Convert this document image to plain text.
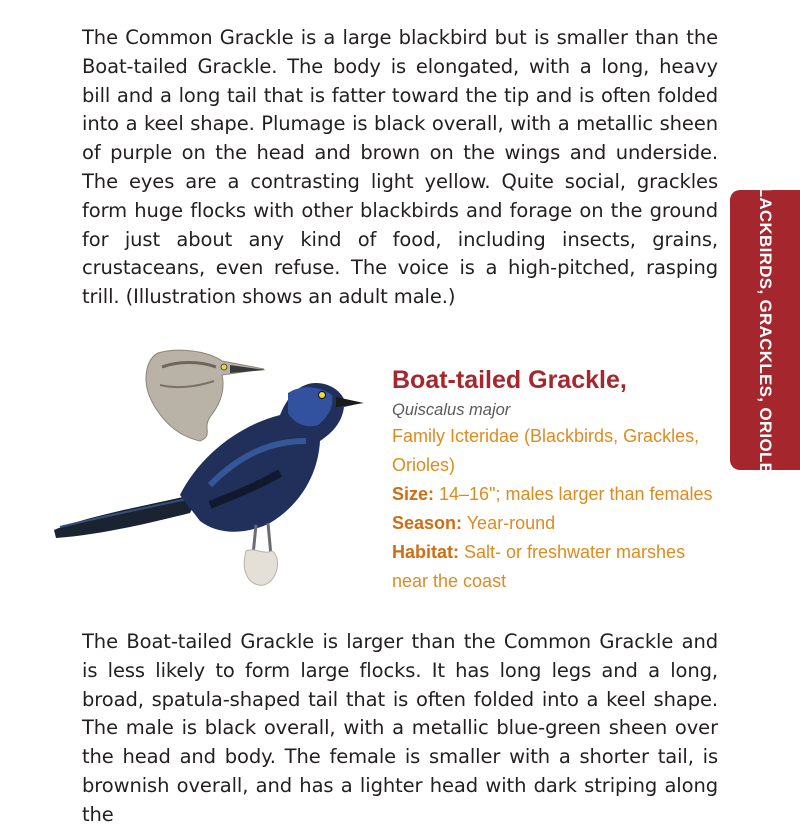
The Common Grackle is a large blackbird but is smaller than the Boat-tailed Grackle. The body is elongated, with a long, heavy bill and a long tail that is fatter toward the tip and is often folded into a keel shape. Plumage is black overall, with a metallic sheen of purple on the head and brown on the wings and underside. The eyes are a contrasting light yellow. Quite social, grackles form huge flocks with other blackbirds and forage on the ground for just about any kind of food, including insects, grains, crustaceans, even refuse. The voice is a high-pitched, rasping trill. (Illustration shows an adult male.)	BLACKBIRDS, GRACKLES, ORIOLES
Boat-tailed Grackle,
Quiscalus major
Family Icteridae (Blackbirds, Grackles, Orioles)
Size: 14–16"; males larger than females
Season: Year-round
Habitat: Salt- or freshwater marshes near the coast

The Boat-tailed Grackle is larger than the Common Grackle and is less likely to form large flocks. It has long legs and a long, broad, spatula-shaped tail that is often folded into a keel shape. The male is black overall, with a metallic blue-green sheen over the head and body. The female is smaller with a shorter tail, is brownish overall, and has a lighter head with dark striping along the
